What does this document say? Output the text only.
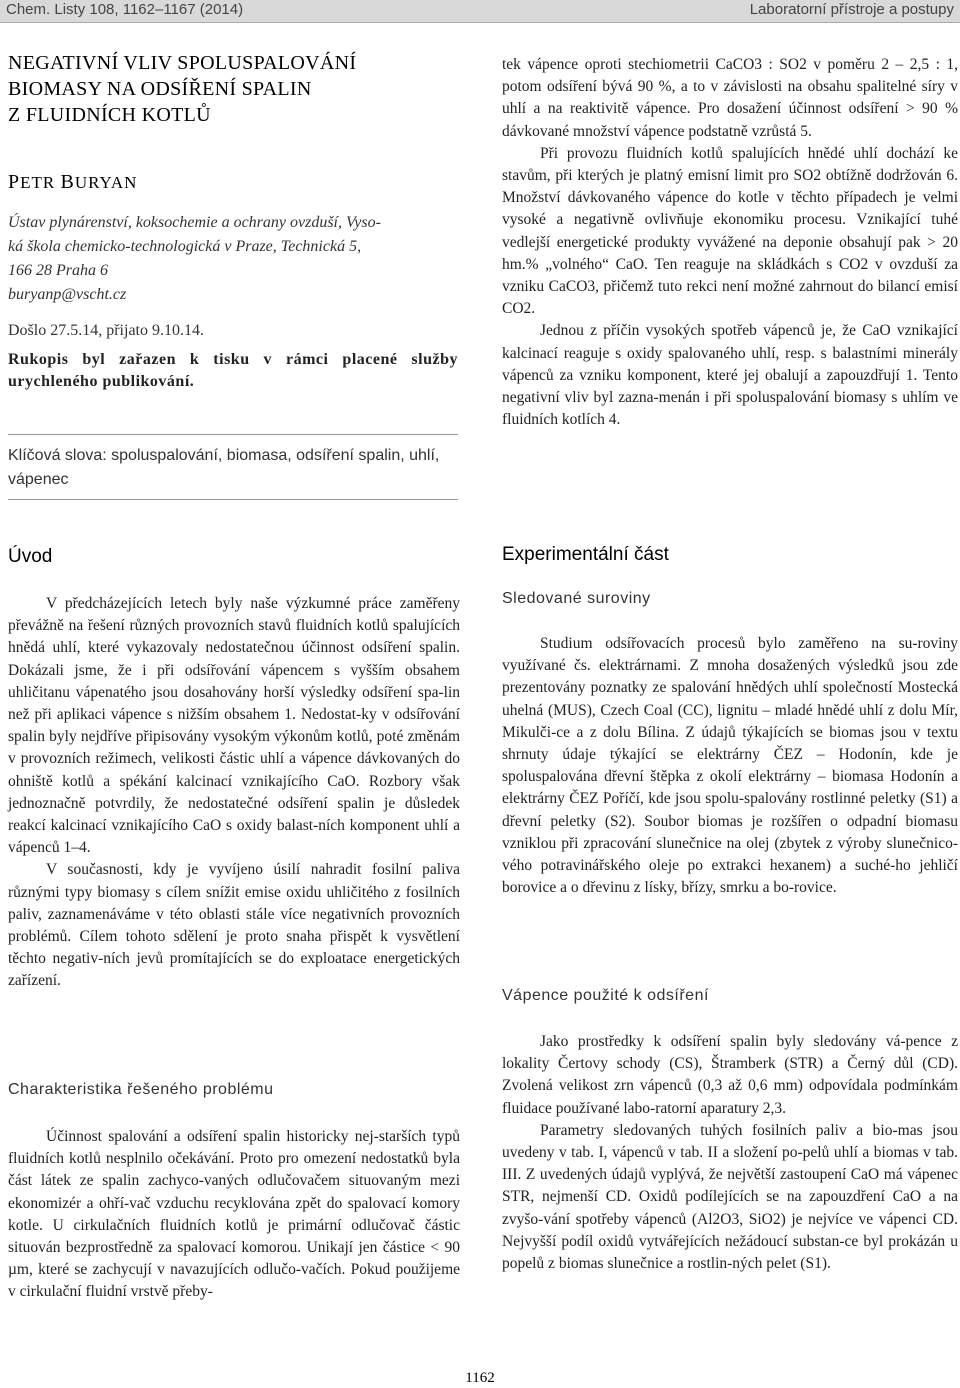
Chem. Listy 108, 1162–1167 (2014)	Laboratorní přístroje a postupy
NEGATIVNÍ VLIV SPOLUSPALOVÁNÍ
BIOMASY NA ODSÍŘENÍ SPALIN
Z FLUIDNÍCH KOTLŮ
PETR BURYAN
Ústav plynárenství, koksochemie a ochrany ovzduší, Vyso-
ká škola chemicko-technologická v Praze, Technická 5,
166 28 Praha 6
buryanp@vscht.cz
Došlo 27.5.14, přijato 9.10.14.
Rukopis byl zařazen k tisku v rámci placené služby urychleného publikování.
Klíčová slova: spoluspalování, biomasa, odsíření spalin, uhlí, vápenec

tek vápence oproti stechiometrii CaCO3 : SO2 v poměru 2 – 2,5 : 1, potom odsíření bývá 90 %, a to v závislosti na obsahu spalitelné síry v uhlí a na reaktivitě vápence. Pro dosažení účinnost odsíření > 90 % dávkované množství vápence podstatně vzrůstá 5.

Při provozu fluidních kotlů spalujících hnědé uhlí dochází ke stavům, při kterých je platný emisní limit pro SO2 obtížně dodržován 6. Množství dávkovaného vápence do kotle v těchto případech je velmi vysoké a negativně ovlivňuje ekonomiku procesu. Vznikající tuhé vedlejší energetické produkty vyvážené na deponie obsahují pak > 20 hm.% „volného“ CaO. Ten reaguje na skládkách s CO2 v ovzduší za vzniku CaCO3, přičemž tuto rekci není možné zahrnout do bilancí emisí CO2.

Jednou z příčin vysokých spotřeb vápenců je, že CaO vznikající kalcinací reaguje s oxidy spalovaného uhlí, resp. s balastními minerály vápenců za vzniku komponent, které jej obalují a zapouzdřují 1. Tento negativní vliv byl zazna-menán i při spoluspalování biomasy s uhlím ve fluidních kotlích 4.

Úvod

V předcházejících letech byly naše výzkumné práce zaměřeny převážně na řešení různých provozních stavů fluidních kotlů spalujících hnědá uhlí, které vykazovaly nedostatečnou účinnost odsíření spalin. Dokázali jsme, že i při odsířování vápencem s vyšším obsahem uhličitanu vápenatého jsou dosahovány horší výsledky odsíření spa-lin než při aplikaci vápence s nižším obsahem 1. Nedostat-ky v odsířování spalin byly nejdříve připisovány vysokým výkonům kotlů, poté změnám v provozních režimech, velikosti částic uhlí a vápence dávkovaných do ohniště kotlů a spékání kalcinací vznikajícího CaO. Rozbory však jednoznačně potvrdily, že nedostatečné odsíření spalin je důsledek reakcí kalcinací vznikajícího CaO s oxidy balast-ních komponent uhlí a vápenců 1–4.

V současnosti, kdy je vyvíjeno úsilí nahradit fosilní paliva různými typy biomasy s cílem snížit emise oxidu uhličitého z fosilních paliv, zaznamenáváme v této oblasti stále více negativních provozních problémů. Cílem tohoto sdělení je proto snaha přispět k vysvětlení těchto negativ-ních jevů promítajících se do exploatace energetických zařízení.

Charakteristika řešeného problému

Účinnost spalování a odsíření spalin historicky nej-starších typů fluidních kotlů nesplnilo očekávání. Proto pro omezení nedostatků byla část látek ze spalin zachyco-vaných odlučovačem situovaným mezi ekonomizér a ohří-vač vzduchu recyklována zpět do spalovací komory kotle. U cirkulačních fluidních kotlů je primární odlučovač částic situován bezprostředně za spalovací komorou. Unikají jen částice < 90 µm, které se zachycují v navazujících odlučo-vačích. Pokud použijeme v cirkulační fluidní vrstvě přeby-

Experimentální část
Sledované suroviny

Studium odsířovacích procesů bylo zaměřeno na su-roviny využívané čs. elektrárnami. Z mnoha dosažených výsledků jsou zde prezentovány poznatky ze spalování hnědých uhlí společností Mostecká uhelná (MUS), Czech Coal (CC), lignitu – mladé hnědé uhlí z dolu Mír, Mikulči-ce a z dolu Bílina. Z údajů týkajících se biomas jsou v textu shrnuty údaje týkající se elektrárny ČEZ – Hodonín, kde je spoluspalována dřevní štěpka z okolí elektrárny – biomasa Hodonín a elektrárny ČEZ Poříčí, kde jsou spolu-spalovány rostlinné peletky (S1) a dřevní peletky (S2). Soubor biomas je rozšířen o odpadní biomasu vzniklou při zpracování slunečnice na olej (zbytek z výroby slunečnico-vého potravinářského oleje po extrakci hexanem) a suché-ho jehličí borovice a o dřevinu z lísky, břízy, smrku a bo-rovice.

Vápence použité k odsíření

Jako prostředky k odsíření spalin byly sledovány vá-pence z lokality Čertovy schody (CS), Štramberk (STR) a Černý důl (CD). Zvolená velikost zrn vápenců (0,3 až 0,6 mm) odpovídala podmínkám fluidace používané labo-ratorní aparatury 2,3.

Parametry sledovaných tuhých fosilních paliv a bio-mas jsou uvedeny v tab. I, vápenců v tab. II a složení po-pelů uhlí a biomas v tab. III. Z uvedených údajů vyplývá, že největší zastoupení CaO má vápenec STR, nejmenší CD. Oxidů podílejících se na zapouzdření CaO a na zvyšo-vání spotřeby vápenců (Al2O3, SiO2) je nejvíce ve vápenci CD. Nejvyšší podíl oxidů vytvářejících nežádoucí substan-ce byl prokázán u popelů z biomas slunečnice a rostlin-ných pelet (S1).

1162
